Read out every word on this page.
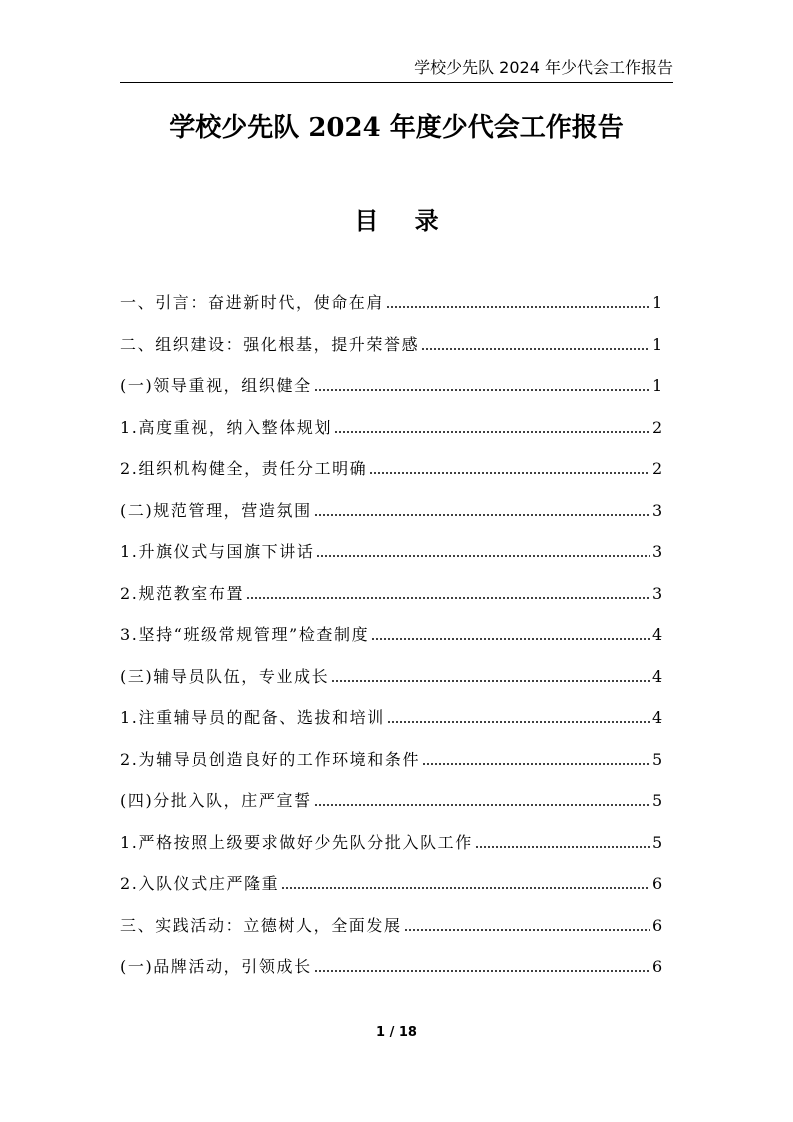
学校少先队 2024 年少代会工作报告
学校少先队 2024 年度少代会工作报告
目 录
一、引言：奋进新时代，使命在肩	1
二、组织建设：强化根基，提升荣誉感	1
(一)领导重视，组织健全	1
1.高度重视，纳入整体规划	2
2.组织机构健全，责任分工明确	2
(二)规范管理，营造氛围	3
1.升旗仪式与国旗下讲话	3
2.规范教室布置	3
3.坚持“班级常规管理”检查制度	4
(三)辅导员队伍，专业成长	4
1.注重辅导员的配备、选拔和培训	4
2.为辅导员创造良好的工作环境和条件	5
(四)分批入队，庄严宣誓	5
1.严格按照上级要求做好少先队分批入队工作	5
2.入队仪式庄严隆重	6
三、实践活动：立德树人，全面发展	6
(一)品牌活动，引领成长	6
1 / 18
